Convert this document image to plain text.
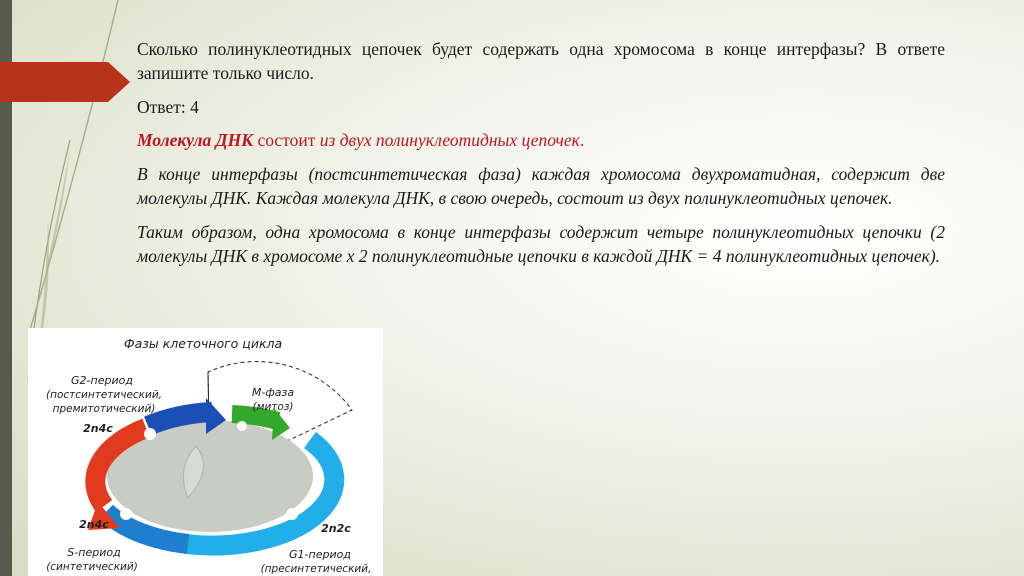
Сколько полинуклеотидных цепочек будет содержать одна хромосома в конце интерфазы? В ответе запишите только число.

Ответ: 4

Молекула ДНК состоит из двух полинуклеотидных цепочек.

В конце интерфазы (постсинтетическая фаза) каждая хромосома двухроматидная, содержит две молекулы ДНК. Каждая молекула ДНК, в свою очередь, состоит из двух полинуклеотидных цепочек.

Таким образом, одна хромосома в конце интерфазы содержит четыре полинуклеотидных цепочки (2 молекулы ДНК в хромосоме х 2 полинуклеотидные цепочки в каждой ДНК = 4 полинуклеотидных цепочек).

Фазы клеточного цикла
G2-период
(постсинтетический,
премитотический)
2n4c
М-фаза
(митоз)
2n4c
S-период
(синтетический)
2n2c
G1-период
(пресинтетический,
